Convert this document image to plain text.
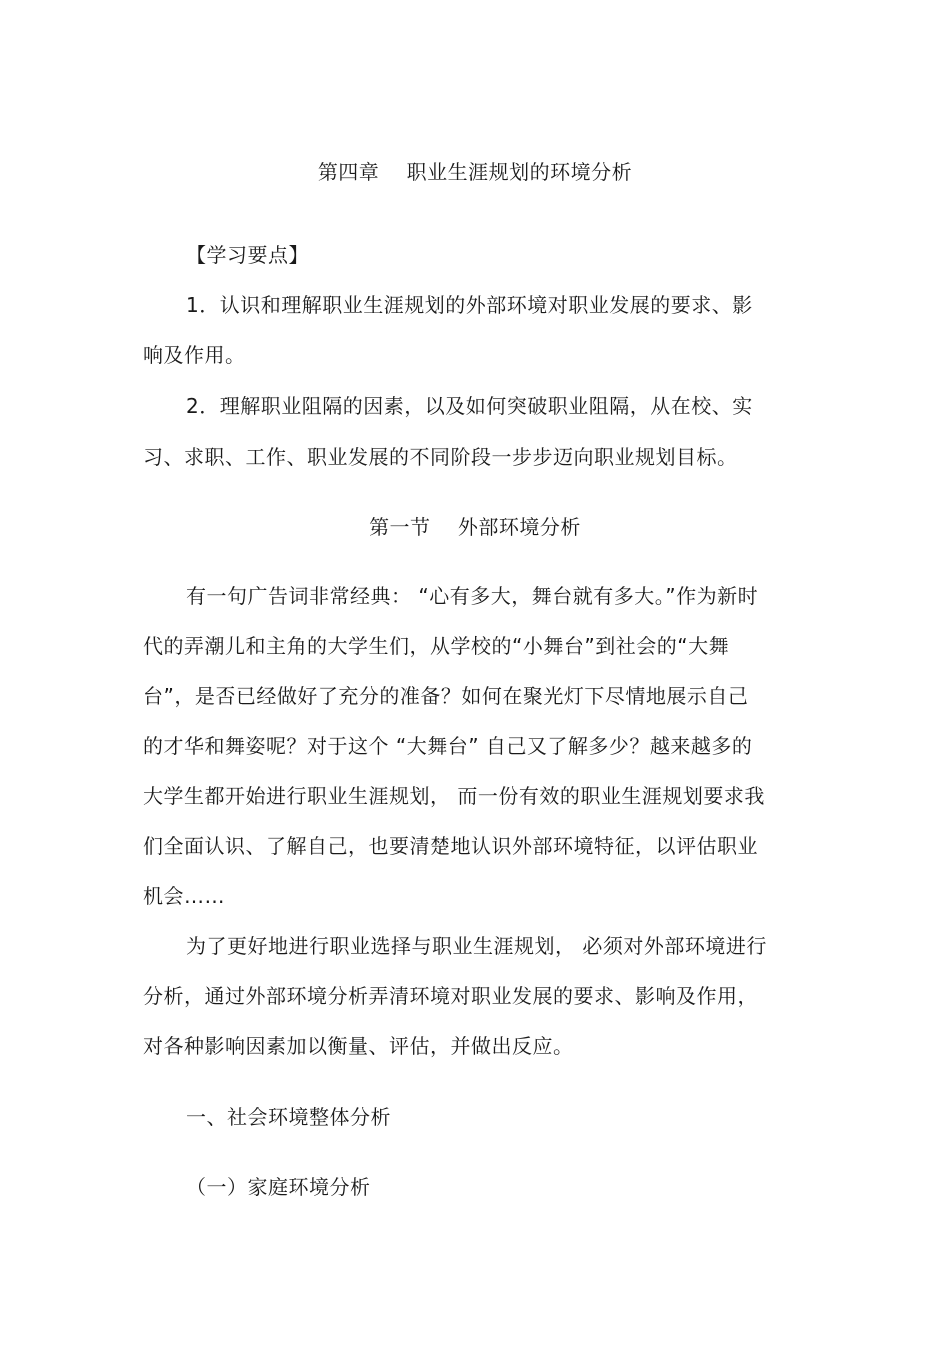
第四章　 职业生涯规划的环境分析
【学习要点】
1．认识和理解职业生涯规划的外部环境对职业发展的要求、影
响及作用。
2．理解职业阻隔的因素，以及如何突破职业阻隔，从在校、实
习、求职、工作、职业发展的不同阶段一步步迈向职业规划目标。
第一节　 外部环境分析
有一句广告词非常经典： “心有多大，舞台就有多大。”作为新时
代的弄潮儿和主角的大学生们，从学校的“小舞台”到社会的“大舞
台”，是否已经做好了充分的准备？如何在聚光灯下尽情地展示自己
的才华和舞姿呢？对于这个 “大舞台” 自己又了解多少？越来越多的
大学生都开始进行职业生涯规划， 而一份有效的职业生涯规划要求我
们全面认识、了解自己，也要清楚地认识外部环境特征，以评估职业
机会……
为了更好地进行职业选择与职业生涯规划， 必须对外部环境进行
分析，通过外部环境分析弄清环境对职业发展的要求、影响及作用，
对各种影响因素加以衡量、评估，并做出反应。
一、社会环境整体分析
（一）家庭环境分析
